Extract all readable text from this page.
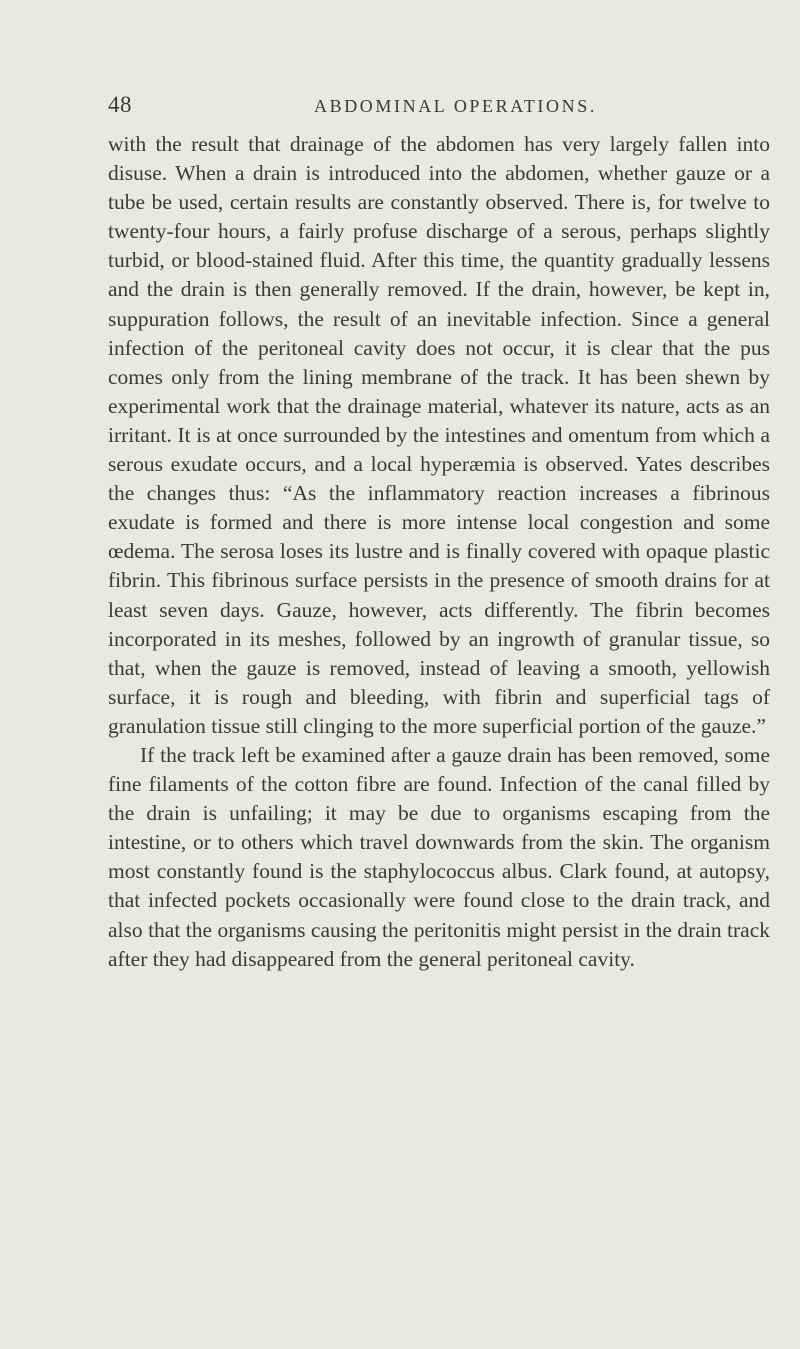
48	ABDOMINAL OPERATIONS.

with the result that drainage of the abdomen has very largely fallen into disuse. When a drain is introduced into the abdomen, whether gauze or a tube be used, certain results are constantly observed. There is, for twelve to twenty-four hours, a fairly profuse discharge of a serous, perhaps slightly turbid, or blood-stained fluid. After this time, the quantity gradually lessens and the drain is then generally removed. If the drain, however, be kept in, suppuration follows, the result of an inevitable infection. Since a general infection of the peritoneal cavity does not occur, it is clear that the pus comes only from the lining membrane of the track. It has been shewn by experimental work that the drainage material, whatever its nature, acts as an irritant. It is at once surrounded by the intestines and omentum from which a serous exudate occurs, and a local hyperæmia is observed. Yates describes the changes thus: “As the inflammatory reaction increases a fibrinous exudate is formed and there is more intense local congestion and some œdema. The serosa loses its lustre and is finally covered with opaque plastic fibrin. This fibrinous surface persists in the presence of smooth drains for at least seven days. Gauze, however, acts differently. The fibrin becomes incorporated in its meshes, followed by an ingrowth of granular tissue, so that, when the gauze is removed, instead of leaving a smooth, yellowish surface, it is rough and bleeding, with fibrin and superficial tags of granulation tissue still clinging to the more superficial portion of the gauze.”

If the track left be examined after a gauze drain has been removed, some fine filaments of the cotton fibre are found. Infection of the canal filled by the drain is unfailing; it may be due to organisms escaping from the intestine, or to others which travel downwards from the skin. The organism most constantly found is the staphylococcus albus. Clark found, at autopsy, that infected pockets occasionally were found close to the drain track, and also that the organisms causing the peritonitis might persist in the drain track after they had disappeared from the general peritoneal cavity.
